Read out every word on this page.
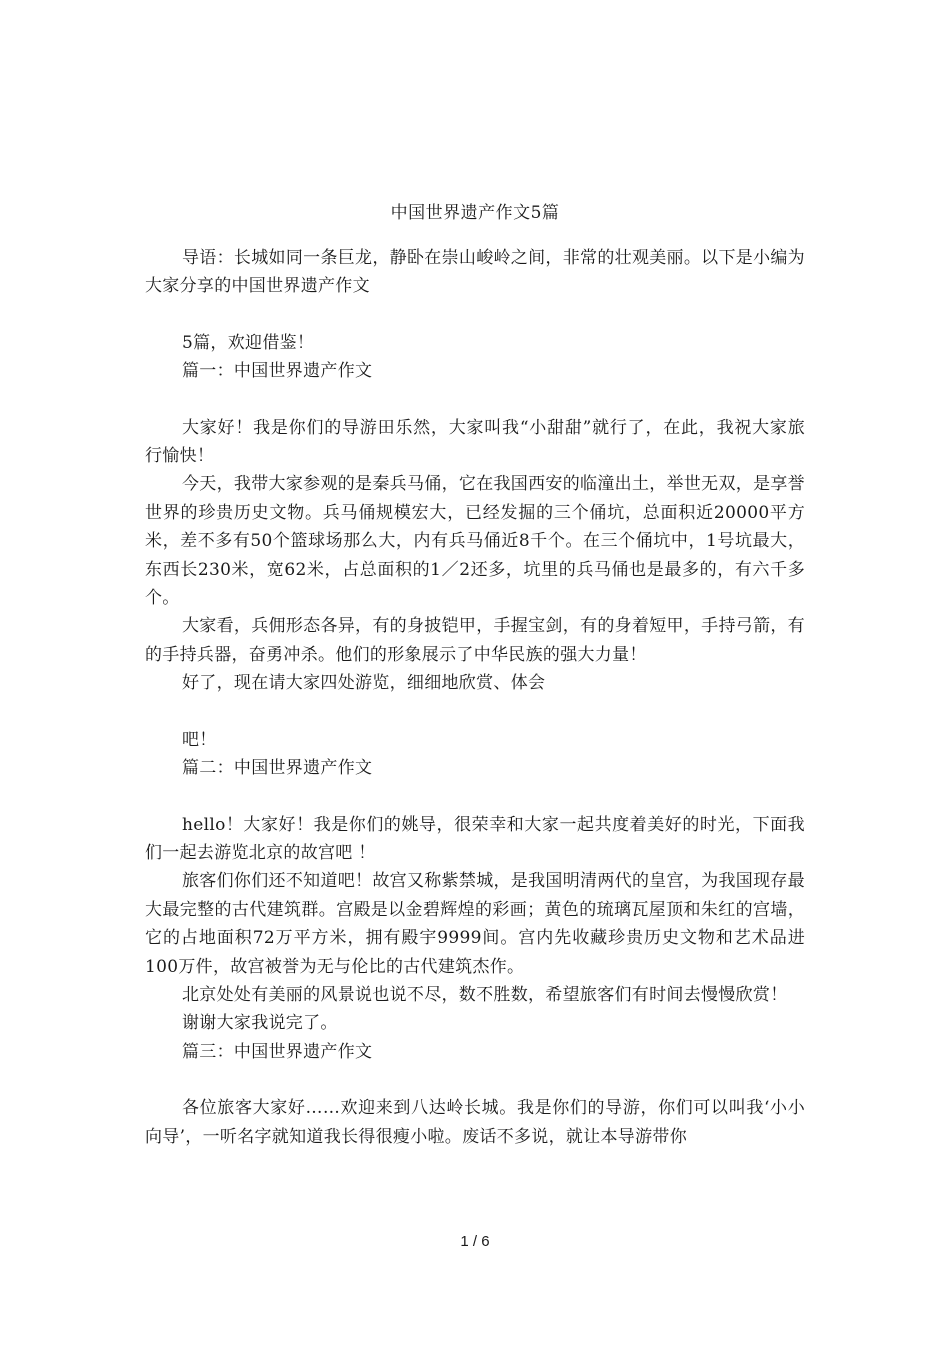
中国世界遗产作文5篇

导语：长城如同一条巨龙，静卧在崇山峻岭之间，非常的壮观美丽。以下是小编为大家分享的中国世界遗产作文

5篇，欢迎借鉴！

篇一：中国世界遗产作文

大家好！我是你们的导游田乐然，大家叫我“小甜甜”就行了，在此，我祝大家旅行愉快！

今天，我带大家参观的是秦兵马俑，它在我国西安的临潼出土，举世无双，是享誉世界的珍贵历史文物。兵马俑规模宏大，已经发掘的三个俑坑，总面积近20000平方米，差不多有50个篮球场那么大，内有兵马俑近8千个。在三个俑坑中，1号坑最大，东西长230米，宽62米，占总面积的1／2还多，坑里的兵马俑也是最多的，有六千多个。

大家看，兵佣形态各异，有的身披铠甲，手握宝剑，有的身着短甲，手持弓箭，有的手持兵器，奋勇冲杀。他们的形象展示了中华民族的强大力量！

好了，现在请大家四处游览，细细地欣赏、体会

吧！

篇二：中国世界遗产作文

hello！大家好！我是你们的姚导，很荣幸和大家一起共度着美好的时光，下面我们一起去游览北京的故宫吧 ！

旅客们你们还不知道吧！故宫又称紫禁城，是我国明清两代的皇宫，为我国现存最大最完整的古代建筑群。宫殿是以金碧辉煌的彩画；黄色的琉璃瓦屋顶和朱红的宫墙，它的占地面积72万平方米，拥有殿宇9999间。宫内先收藏珍贵历史文物和艺术品进100万件，故宫被誉为无与伦比的古代建筑杰作。

北京处处有美丽的风景说也说不尽，数不胜数，希望旅客们有时间去慢慢欣赏！

谢谢大家我说完了。

篇三：中国世界遗产作文

各位旅客大家好……欢迎来到八达岭长城。我是你们的导游，你们可以叫我‘小小向导’，一听名字就知道我长得很瘦小啦。废话不多说，就让本导游带你

1 / 6
